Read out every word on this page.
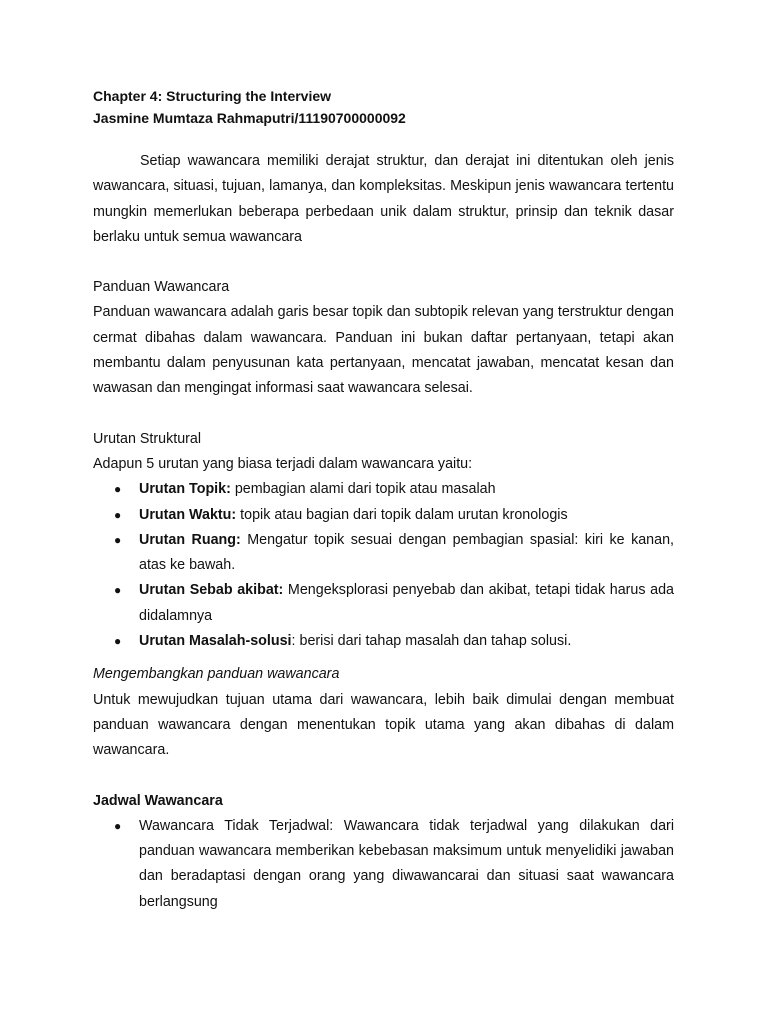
Chapter 4: Structuring the Interview

Jasmine Mumtaza Rahmaputri/11190700000092

Setiap wawancara memiliki derajat struktur, dan derajat ini ditentukan oleh jenis wawancara, situasi, tujuan, lamanya, dan kompleksitas. Meskipun jenis wawancara tertentu mungkin memerlukan beberapa perbedaan unik dalam struktur, prinsip dan teknik dasar berlaku untuk semua wawancara

Panduan Wawancara

Panduan wawancara adalah garis besar topik dan subtopik relevan yang terstruktur dengan cermat dibahas dalam wawancara. Panduan ini bukan daftar pertanyaan, tetapi akan membantu dalam penyusunan kata pertanyaan, mencatat jawaban, mencatat kesan dan wawasan dan mengingat informasi saat wawancara selesai.

Urutan Struktural

Adapun 5 urutan yang biasa terjadi dalam wawancara yaitu:

● Urutan Topik: pembagian alami dari topik atau masalah
● Urutan Waktu: topik atau bagian dari topik dalam urutan kronologis
● Urutan Ruang: Mengatur topik sesuai dengan pembagian spasial: kiri ke kanan, atas ke bawah.
● Urutan Sebab akibat: Mengeksplorasi penyebab dan akibat, tetapi tidak harus ada didalamnya
● Urutan Masalah-solusi: berisi dari tahap masalah dan tahap solusi.

Mengembangkan panduan wawancara

Untuk mewujudkan tujuan utama dari wawancara, lebih baik dimulai dengan membuat panduan wawancara dengan menentukan topik utama yang akan dibahas di dalam wawancara.

Jadwal Wawancara

● Wawancara Tidak Terjadwal: Wawancara tidak terjadwal yang dilakukan dari panduan wawancara memberikan kebebasan maksimum untuk menyelidiki jawaban dan beradaptasi dengan orang yang diwawancarai dan situasi saat wawancara berlangsung
